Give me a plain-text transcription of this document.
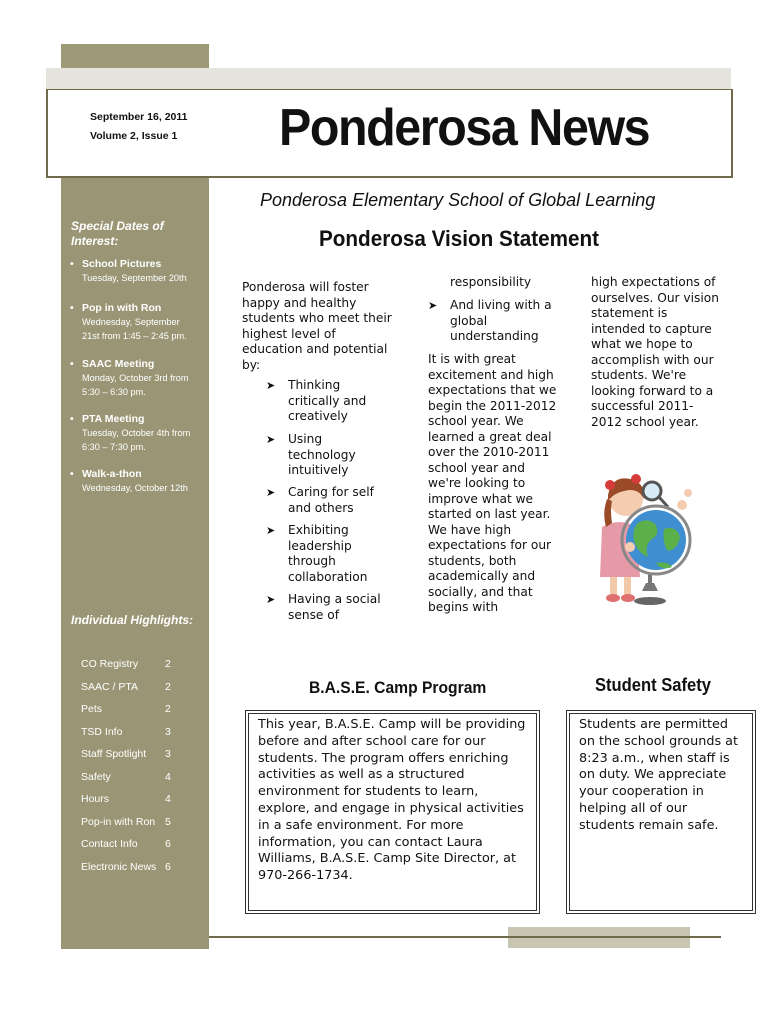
September 16, 2011
Volume 2, Issue 1 Ponderosa News
Special Dates of Interest:
• School Pictures
Tuesday, September 20th
• Pop in with Ron
Wednesday, September
21st from 1:45 – 2:45 pm.
• SAAC Meeting
Monday, October 3rd from
5:30 – 6:30 pm.
• PTA Meeting
Tuesday, October 4th from
6:30 – 7:30 pm.
• Walk-a-thon
Wednesday, October 12th
Individual Highlights:
CO Registry	2
SAAC / PTA	2
Pets	2
TSD Info	3
Staff Spotlight 3
Safety	4
Hours	4
Pop-in with Ron 5
Contact Info	6
Electronic News 6
Ponderosa Elementary School of Global Learning
Ponderosa Vision Statement
Ponderosa will foster happy and healthy students who meet their highest level of education and potential by:
➤ Thinking critically and creatively
➤ Using technology intuitively
➤ Caring for self and others
➤ Exhibiting leadership through collaboration
➤ Having a social sense of
responsibility
➤ And living with a global understanding
It is with great excitement and high expectations that we begin the 2011-2012 school year. We learned a great deal over the 2010-2011 school year and we're looking to improve what we started on last year. We have high expectations for our students, both academically and socially, and that begins with
high expectations of ourselves. Our vision statement is intended to capture what we hope to accomplish with our students. We're looking forward to a successful 2011-2012 school year.
B.A.S.E. Camp Program	Student Safety
This year, B.A.S.E. Camp will be providing before and after school care for our students. The program offers enriching activities as well as a structured environment for students to learn, explore, and engage in physical activities in a safe environment. For more information, you can contact Laura Williams, B.A.S.E. Camp Site Director, at 970-266-1734.
Students are permitted on the school grounds at 8:23 a.m., when staff is on duty. We appreciate your cooperation in helping all of our students remain safe.
